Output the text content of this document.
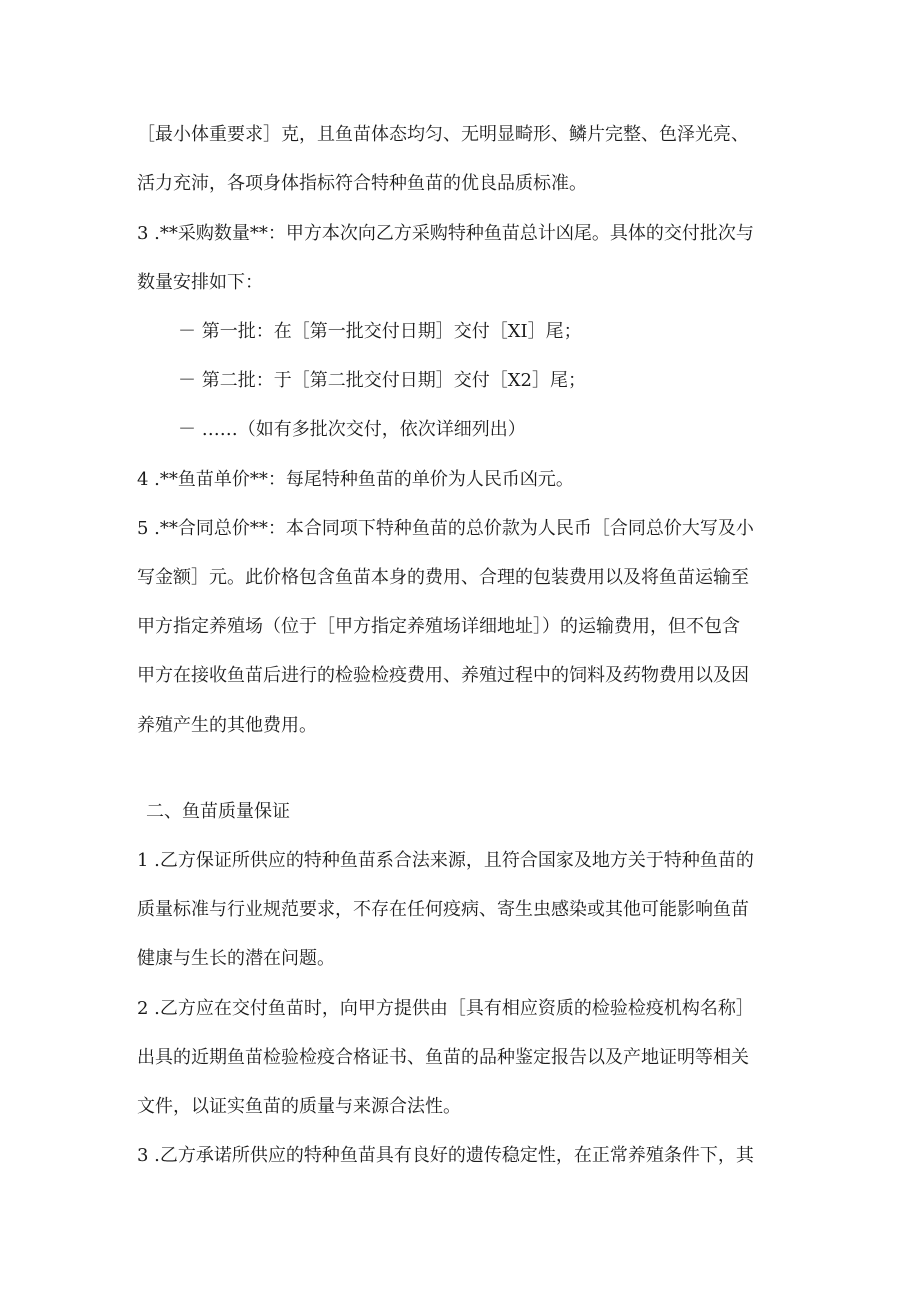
［最小体重要求］克，且鱼苗体态均匀、无明显畸形、鳞片完整、色泽光亮、
活力充沛，各项身体指标符合特种鱼苗的优良品质标准。
3 .**采购数量**：甲方本次向乙方采购特种鱼苗总计凶尾。具体的交付批次与
数量安排如下：
－ 第一批：在［第一批交付日期］交付［XI］尾；
－ 第二批：于［第二批交付日期］交付［X2］尾；
－ ……（如有多批次交付，依次详细列出）
4 .**鱼苗单价**：每尾特种鱼苗的单价为人民币凶元。
5 .**合同总价**：本合同项下特种鱼苗的总价款为人民币［合同总价大写及小
写金额］元。此价格包含鱼苗本身的费用、合理的包装费用以及将鱼苗运输至
甲方指定养殖场（位于［甲方指定养殖场详细地址］）的运输费用，但不包含
甲方在接收鱼苗后进行的检验检疫费用、养殖过程中的饲料及药物费用以及因
养殖产生的其他费用。
二、鱼苗质量保证
1 .乙方保证所供应的特种鱼苗系合法来源，且符合国家及地方关于特种鱼苗的
质量标准与行业规范要求，不存在任何疫病、寄生虫感染或其他可能影响鱼苗
健康与生长的潜在问题。
2 .乙方应在交付鱼苗时，向甲方提供由［具有相应资质的检验检疫机构名称］
出具的近期鱼苗检验检疫合格证书、鱼苗的品种鉴定报告以及产地证明等相关
文件，以证实鱼苗的质量与来源合法性。
3 .乙方承诺所供应的特种鱼苗具有良好的遗传稳定性，在正常养殖条件下，其
